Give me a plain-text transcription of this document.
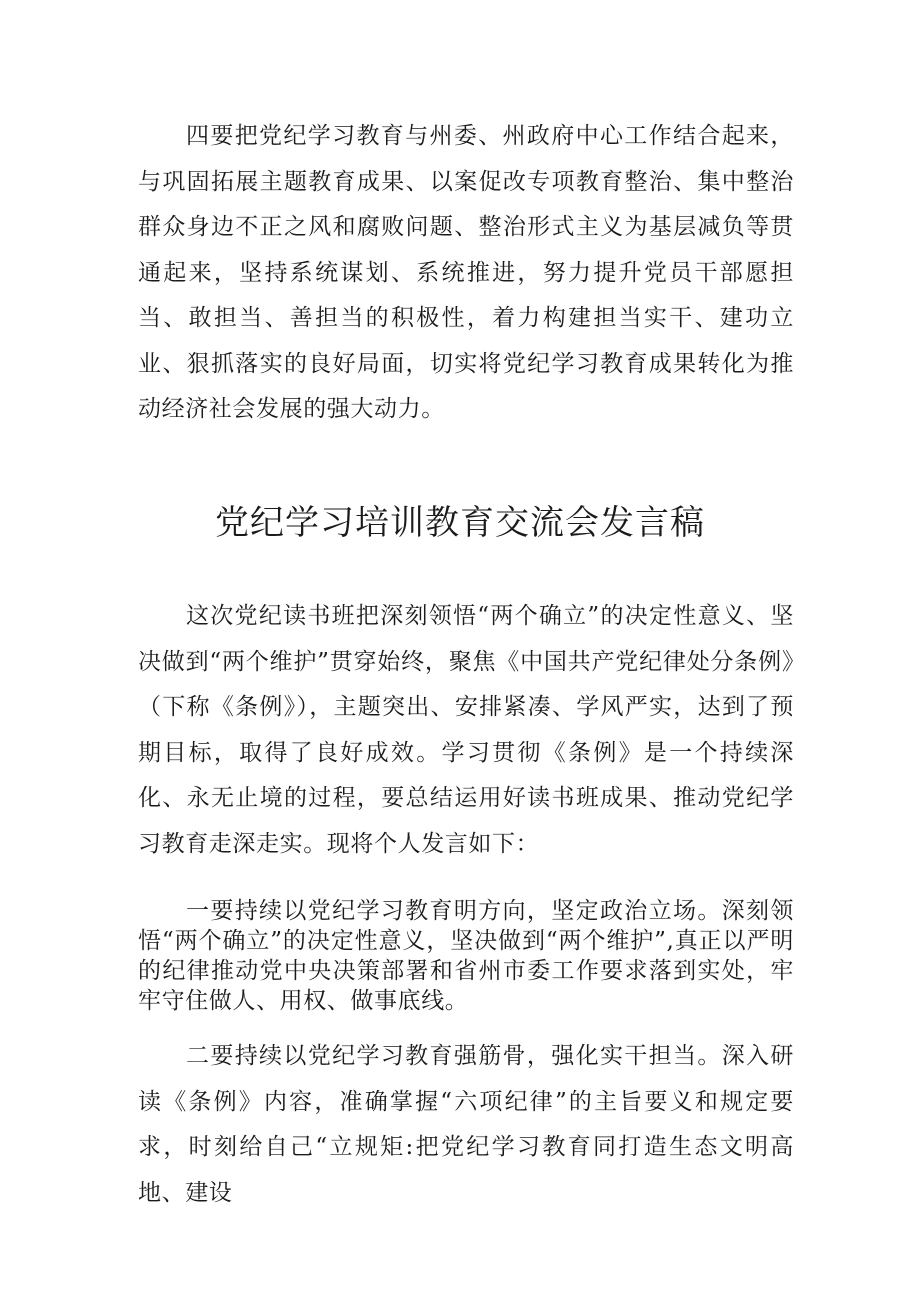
四要把党纪学习教育与州委、州政府中心工作结合起来，与巩固拓展主题教育成果、以案促改专项教育整治、集中整治群众身边不正之风和腐败问题、整治形式主义为基层减负等贯通起来，坚持系统谋划、系统推进，努力提升党员干部愿担当、敢担当、善担当的积极性，着力构建担当实干、建功立业、狠抓落实的良好局面，切实将党纪学习教育成果转化为推动经济社会发展的强大动力。

党纪学习培训教育交流会发言稿

这次党纪读书班把深刻领悟“两个确立”的决定性意义、坚决做到“两个维护”贯穿始终，聚焦《中国共产党纪律处分条例》（下称《条例》），主题突出、安排紧凑、学风严实，达到了预期目标，取得了良好成效。学习贯彻《条例》是一个持续深化、永无止境的过程，要总结运用好读书班成果、推动党纪学习教育走深走实。现将个人发言如下：

一要持续以党纪学习教育明方向，坚定政治立场。深刻领悟“两个确立”的决定性意义，坚决做到“两个维护”,真正以严明的纪律推动党中央决策部署和省州市委工作要求落到实处，牢牢守住做人、用权、做事底线。

二要持续以党纪学习教育强筋骨，强化实干担当。深入研读《条例》内容，准确掌握“六项纪律”的主旨要义和规定要求，时刻给自己“立规矩:把党纪学习教育同打造生态文明高地、建设
